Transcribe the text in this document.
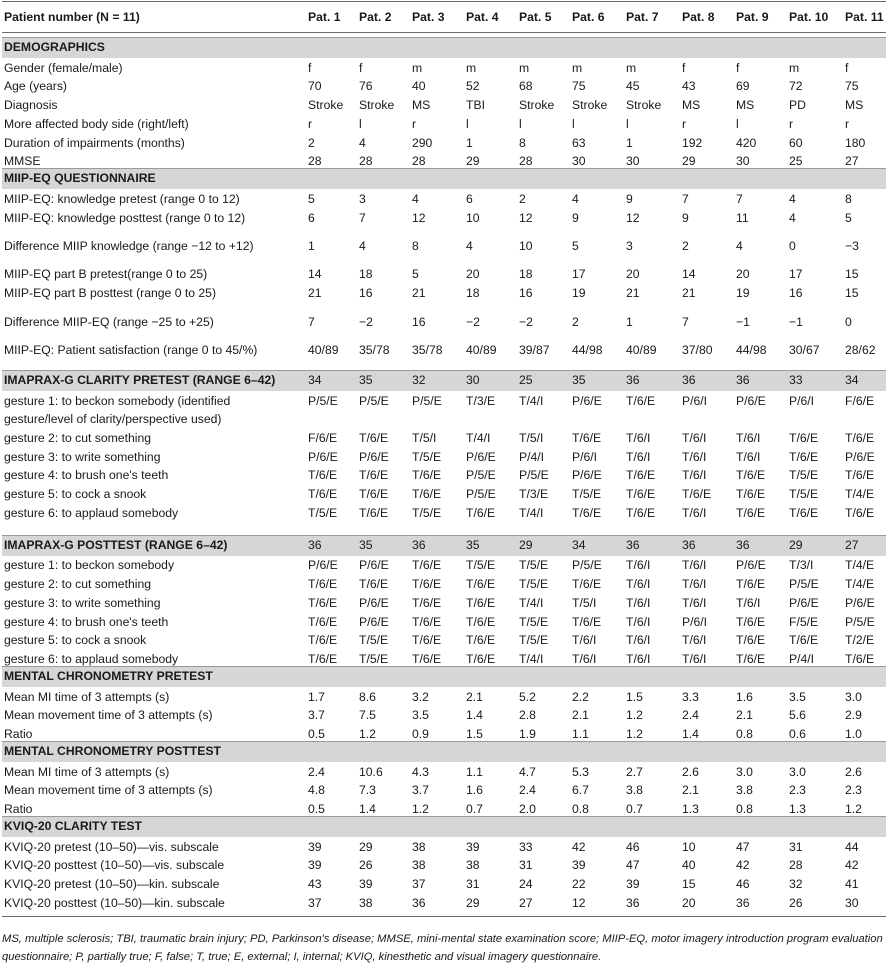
Patient number (N = 11)	Pat. 1 Pat. 2 Pat. 3 Pat. 4 Pat. 5 Pat. 6 Pat. 7 Pat. 8 Pat. 9 Pat. 10 Pat. 11
DEMOGRAPHICS
Gender (female/male)	f	f	m	m	m	m	m	f	f	m	f
Age (years)	70	76	40	52	68	75	45	43	69	72	75
Diagnosis	Stroke Stroke MS	TBI	Stroke Stroke Stroke MS	MS	PD	MS
More affected body side (right/left)	r	l	r	l	l	l	l	r	l	r	r
Duration of impairments (months)	2	4	290	1	8	63	1	192	420	60	180
MMSE	28	28	28	29	28	30	30	29	30	25	27
MIIP-EQ QUESTIONNAIRE
MIIP-EQ: knowledge pretest (range 0 to 12)	5	3	4	6	2	4	9	7	7	4	8
MIIP-EQ: knowledge posttest (range 0 to 12)	6	7	12	10	12	9	12	9	11	4	5
Difference MIIP knowledge (range −12 to +12)	1	4	8	4	10	5	3	2	4	0	−3
MIIP-EQ part B pretest(range 0 to 25)	14	18	5	20	18	17	20	14	20	17	15
MIIP-EQ part B posttest (range 0 to 25)	21	16	21	18	16	19	21	21	19	16	15
Difference MIIP-EQ (range −25 to +25)	7	−2	16	−2	−2	2	1	7	−1	−1	0
MIIP-EQ: Patient satisfaction (range 0 to 45/%)	40/89 35/78 35/78 40/89 39/87 44/98 40/89 37/80 44/98 30/67 28/62
IMAPRAX-G CLARITY PRETEST (RANGE 6–42)	34	35	32	30	25	35	36	36	36	33	34
gesture 1: to beckon somebody (identified	P/5/E P/5/E P/5/E T/3/E T/4/I P/6/E T/6/E P/6/I P/6/E P/6/I	F/6/E
gesture/level of clarity/perspective used)
gesture 2: to cut something	F/6/E T/6/E T/5/I T/4/I T/5/I T/6/E T/6/I	T/6/I T/6/I T/6/E T/6/E
gesture 3: to write something	P/6/E P/6/E T/5/E P/6/E P/4/I P/6/I T/6/I	T/6/I T/6/I T/6/E P/6/E
gesture 4: to brush one's teeth	T/6/E T/6/E T/6/E P/5/E P/5/E P/6/E T/6/E T/6/I T/6/E T/5/E T/6/E
gesture 5: to cock a snook	T/6/E T/6/E T/6/E P/5/E T/3/E T/5/E T/6/E T/6/E T/6/E T/5/E T/4/E
gesture 6: to applaud somebody	T/5/E T/6/E T/5/E T/6/E T/4/I T/6/E T/6/E T/6/I T/6/E T/6/E T/6/E
IMAPRAX-G POSTTEST (RANGE 6–42)	36	35	36	35	29	34	36	36	36	29	27
gesture 1: to beckon somebody	P/6/E P/6/E T/6/E T/5/E T/5/E P/5/E T/6/I	T/6/I P/6/E T/3/I	T/4/E
gesture 2: to cut something	T/6/E T/6/E T/6/E T/6/E T/5/E T/6/E T/6/I	T/6/I T/6/E P/5/E T/4/E
gesture 3: to write something	T/6/E P/6/E T/6/E T/6/E T/4/I T/5/I T/6/I	T/6/I T/6/I P/6/E P/6/E
gesture 4: to brush one's teeth	T/6/E P/6/E T/6/E T/6/E T/5/E T/6/E T/6/I	P/6/I T/6/E F/5/E P/5/E
gesture 5: to cock a snook	T/6/E T/5/E T/6/E T/6/E T/5/E T/6/I T/6/I	T/6/I T/6/E T/6/E T/2/E
gesture 6: to applaud somebody	T/6/E T/5/E T/6/E T/6/E T/4/I T/6/I T/6/I	T/6/I T/6/E P/4/I	T/6/E
MENTAL CHRONOMETRY PRETEST
Mean MI time of 3 attempts (s)	1.7	8.6	3.2	2.1	5.2	2.2	1.5	3.3	1.6	3.5	3.0
Mean movement time of 3 attempts (s)	3.7	7.5	3.5	1.4	2.8	2.1	1.2	2.4	2.1	5.6	2.9
Ratio	0.5	1.2	0.9	1.5	1.9	1.1	1.2	1.4	0.8	0.6	1.0
MENTAL CHRONOMETRY POSTTEST
Mean MI time of 3 attempts (s)	2.4	10.6 4.3	1.1	4.7	5.3	2.7	2.6	3.0	3.0	2.6
Mean movement time of 3 attempts (s)	4.8	7.3	3.7	1.6	2.4	6.7	3.8	2.1	3.8	2.3	2.3
Ratio	0.5	1.4	1.2	0.7	2.0	0.8	0.7	1.3	0.8	1.3	1.2
KVIQ-20 CLARITY TEST
KVIQ-20 pretest (10–50)—vis. subscale	39	29	38	39	33	42	46	10	47	31	44
KVIQ-20 posttest (10–50)—vis. subscale	39	26	38	38	31	39	47	40	42	28	42
KVIQ-20 pretest (10–50)—kin. subscale	43	39	37	31	24	22	39	15	46	32	41
KVIQ-20 posttest (10–50)—kin. subscale	37	38	36	29	27	12	36	20	36	26	30
MS, multiple sclerosis; TBI, traumatic brain injury; PD, Parkinson's disease; MMSE, mini-mental state examination score; MIIP-EQ, motor imagery introduction program evaluation questionnaire; P, partially true; F, false; T, true; E, external; I, internal; KVIQ, kinesthetic and visual imagery questionnaire.
